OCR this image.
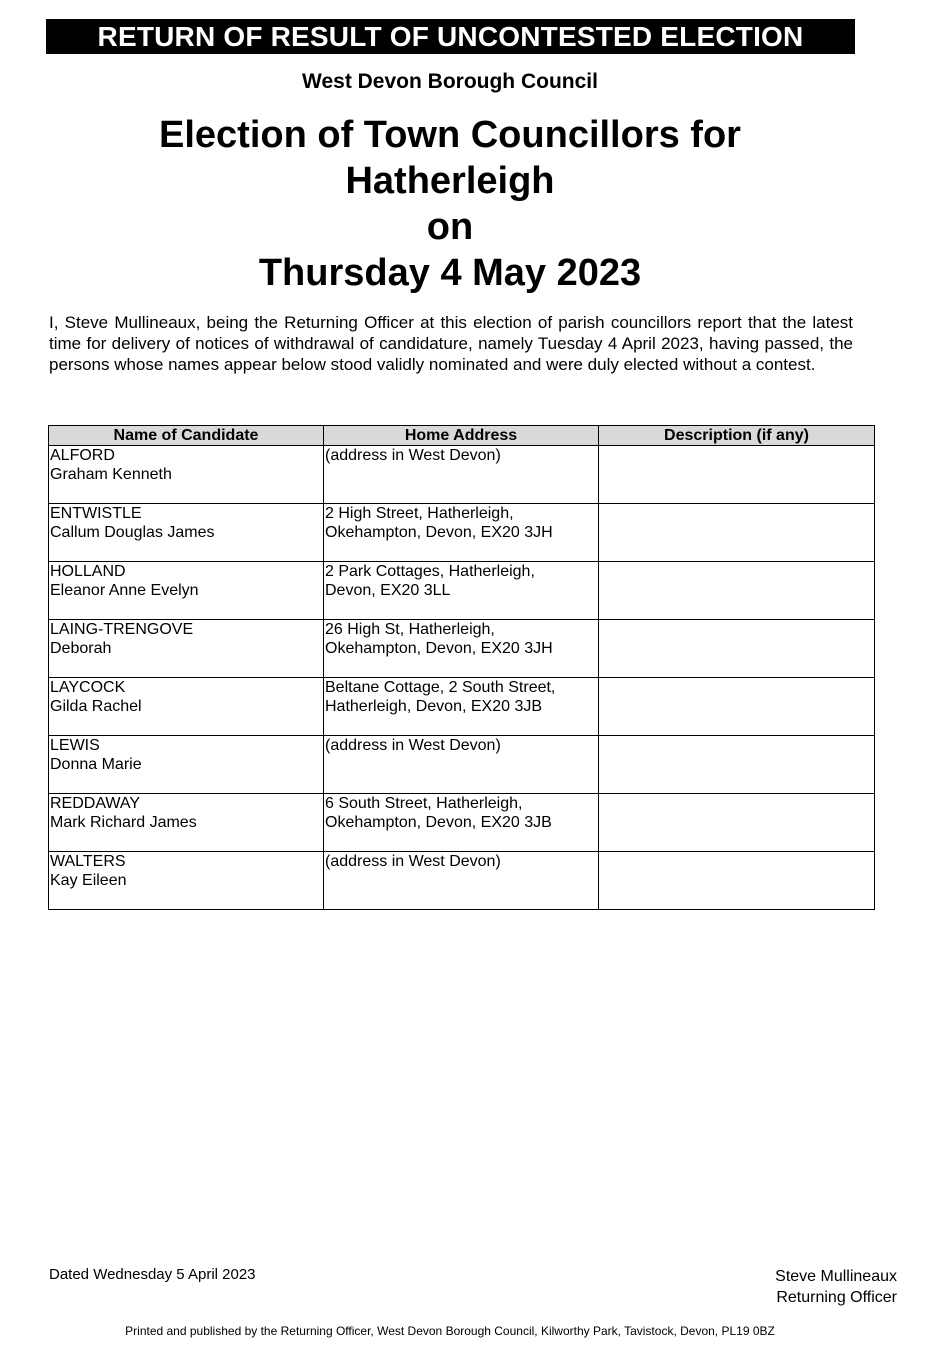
RETURN OF RESULT OF UNCONTESTED ELECTION
West Devon Borough Council
Election of Town Councillors for
Hatherleigh
on
Thursday 4 May 2023
I, Steve Mullineaux, being the Returning Officer at this election of parish councillors report that the latest time for delivery of notices of withdrawal of candidature, namely Tuesday 4 April 2023, having passed, the persons whose names appear below stood validly nominated and were duly elected without a contest.
Name of Candidate	Home Address	Description (if any)

ALFORD
Graham Kenneth	(address in West Devon)	

ENTWISTLE
Callum Douglas James	2 High Street, Hatherleigh,
Okehampton, Devon, EX20 3JH	

HOLLAND
Eleanor Anne Evelyn	2 Park Cottages, Hatherleigh,
Devon, EX20 3LL	

LAING-TRENGOVE
Deborah	26 High St, Hatherleigh,
Okehampton, Devon, EX20 3JH	

LAYCOCK
Gilda Rachel	Beltane Cottage, 2 South Street,
Hatherleigh, Devon, EX20 3JB	

LEWIS
Donna Marie	(address in West Devon)	

REDDAWAY
Mark Richard James	6 South Street, Hatherleigh,
Okehampton, Devon, EX20 3JB	

WALTERS
Kay Eileen	(address in West Devon)	

Dated Wednesday 5 April 2023	Steve Mullineaux
Returning Officer
Printed and published by the Returning Officer, West Devon Borough Council, Kilworthy Park, Tavistock, Devon, PL19 0BZ
